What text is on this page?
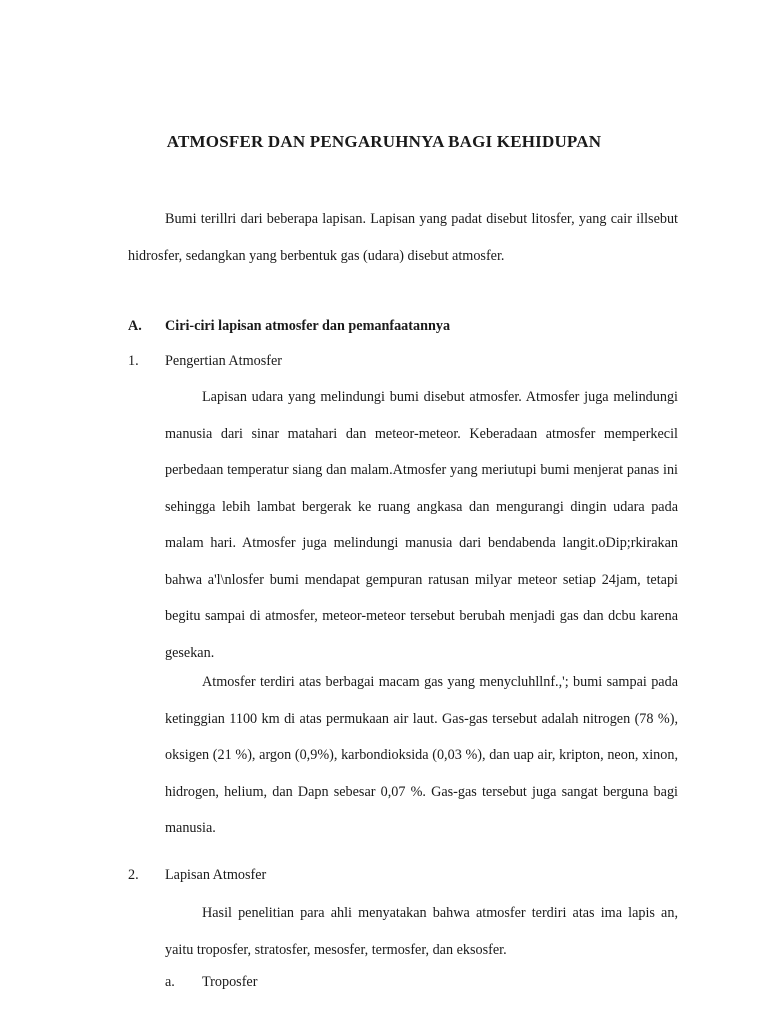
ATMOSFER DAN PENGARUHNYA BAGI KEHIDUPAN
Bumi terillri dari beberapa lapisan. Lapisan yang padat disebut litosfer, yang cair illsebut hidrosfer, sedangkan yang berbentuk gas (udara) disebut atmosfer.
A. Ciri-ciri lapisan atmosfer dan pemanfaatannya
1. Pengertian Atmosfer
Lapisan udara yang melindungi bumi disebut atmosfer. Atmosfer juga melindungi manusia dari sinar matahari dan meteor-meteor. Keberadaan atmosfer memperkecil perbedaan temperatur siang dan malam.Atmosfer yang meriutupi bumi menjerat panas ini sehingga lebih lambat bergerak ke ruang angkasa dan mengurangi dingin udara pada malam hari. Atmosfer juga melindungi manusia dari bendabenda langit.oDip;rkirakan bahwa a'l\nlosfer bumi mendapat gempuran ratusan milyar meteor setiap 24jam, tetapi begitu sampai di atmosfer, meteor-meteor tersebut berubah menjadi gas dan dcbu karena gesekan.
Atmosfer terdiri atas berbagai macam gas yang menycluhllnf.,'; bumi sampai pada ketinggian 1100 km di atas permukaan air laut. Gas-gas tersebut adalah nitrogen (78 %), oksigen (21 %), argon (0,9%), karbondioksida (0,03 %), dan uap air, kripton, neon, xinon, hidrogen, helium, dan Dapn sebesar 0,07 %. Gas-gas tersebut juga sangat berguna bagi manusia.
2. Lapisan Atmosfer
Hasil penelitian para ahli menyatakan bahwa atmosfer terdiri atas ima lapis an, yaitu troposfer, stratosfer, mesosfer, termosfer, dan eksosfer.
a. Troposfer
